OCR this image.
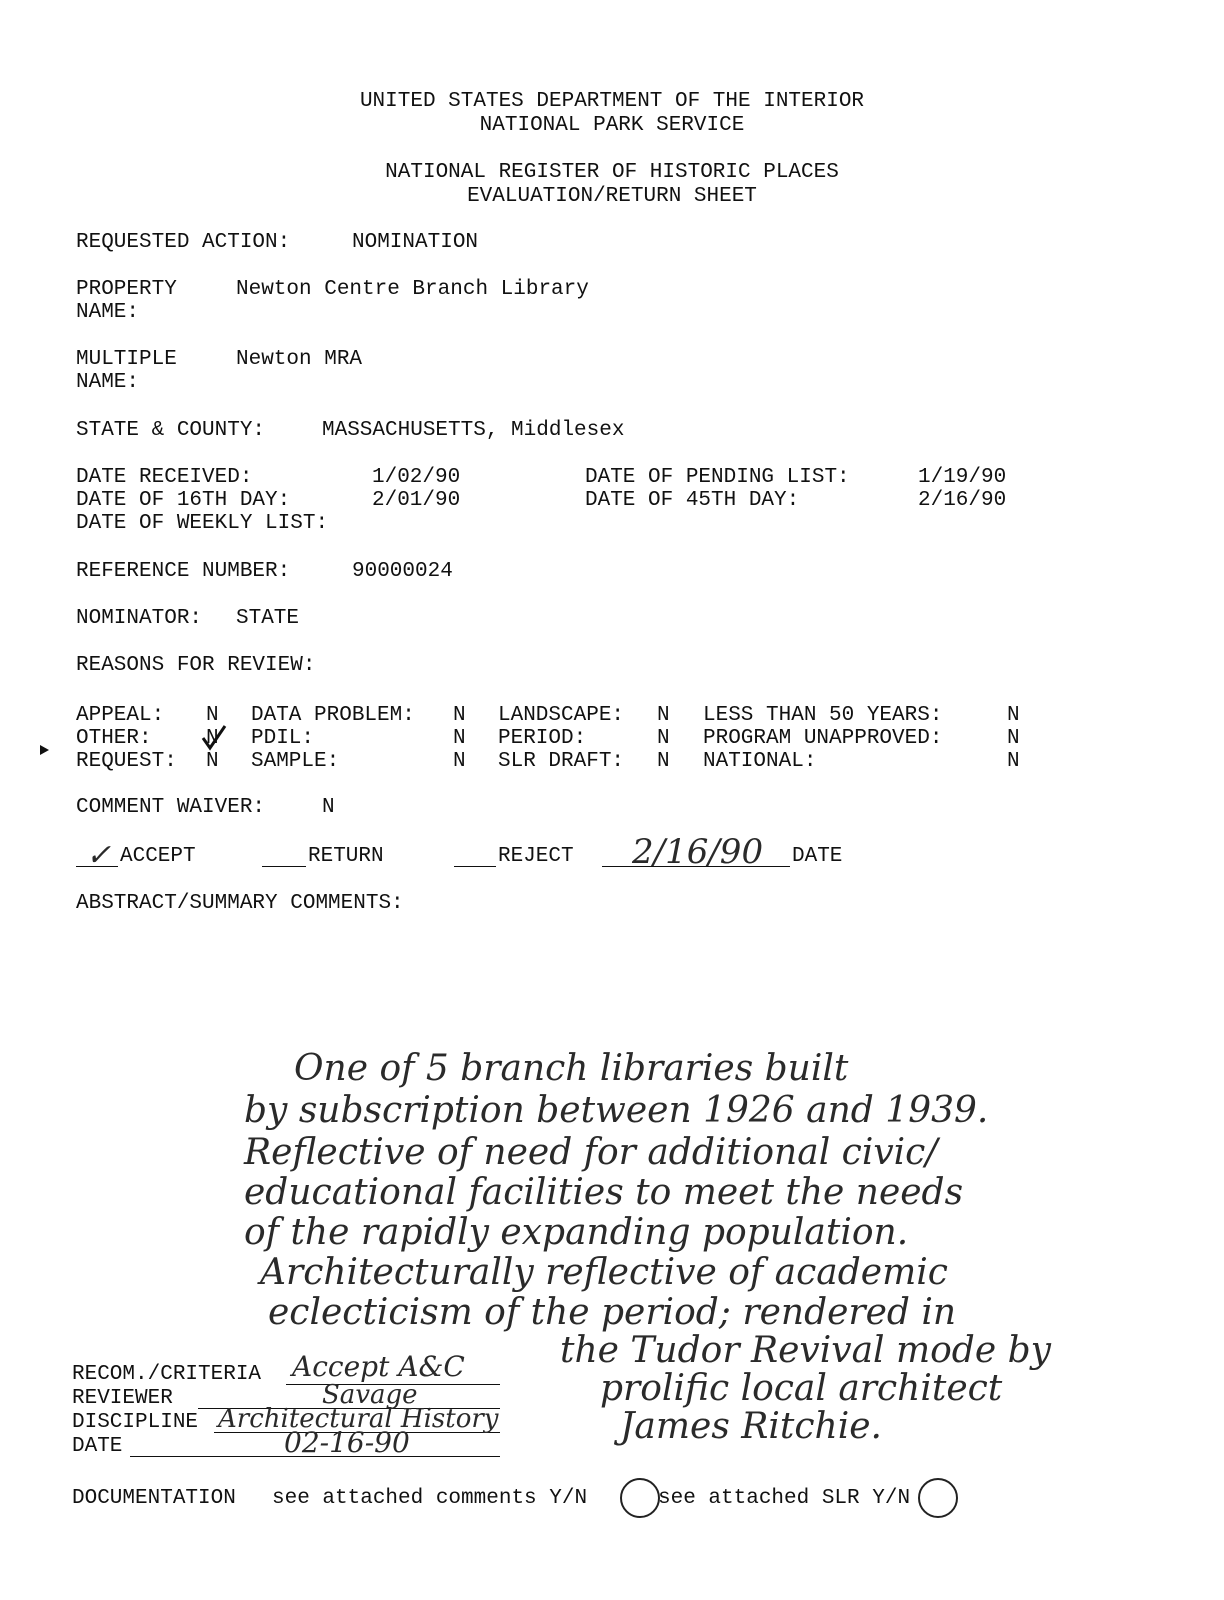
UNITED STATES DEPARTMENT OF THE INTERIOR
NATIONAL PARK SERVICE
NATIONAL REGISTER OF HISTORIC PLACES
EVALUATION/RETURN SHEET
REQUESTED ACTION:	NOMINATION
PROPERTY
NAME:
Newton Centre Branch Library
MULTIPLE
NAME:
Newton MRA
STATE & COUNTY:	MASSACHUSETTS, Middlesex
DATE RECEIVED:	1/02/90	DATE OF PENDING LIST:	1/19/90
DATE OF 16TH DAY:	2/01/90	DATE OF 45TH DAY:	2/16/90
DATE OF WEEKLY LIST:
REFERENCE NUMBER:	90000024
NOMINATOR: STATE
REASONS FOR REVIEW:
APPEAL: N DATA PROBLEM: N LANDSCAPE: N LESS THAN 50 YEARS:	N
OTHER:	N PDIL:	N PERIOD:	N PROGRAM UNAPPROVED:	N
REQUEST: N SAMPLE:	N SLR DRAFT: N NATIONAL:	N
COMMENT WAIVER:	N
✓ ACCEPT	RETURN	REJECT 2/16/90 DATE
ABSTRACT/SUMMARY COMMENTS:
One of 5 branch libraries built
by subscription between 1926 and 1939.
Reflective of need for additional civic/
educational facilities to meet the needs
of the rapidly expanding population.
Architecturally reflective of academic
eclecticism of the period; rendered in
the Tudor Revival mode by
prolific local architect
James Ritchie.
RECOM./CRITERIA Accept A&C
REVIEWER	Savage
DISCIPLINE Architectural History
DATE	02-16-90
DOCUMENTATION see attached comments Y/N	see attached SLR Y/N
